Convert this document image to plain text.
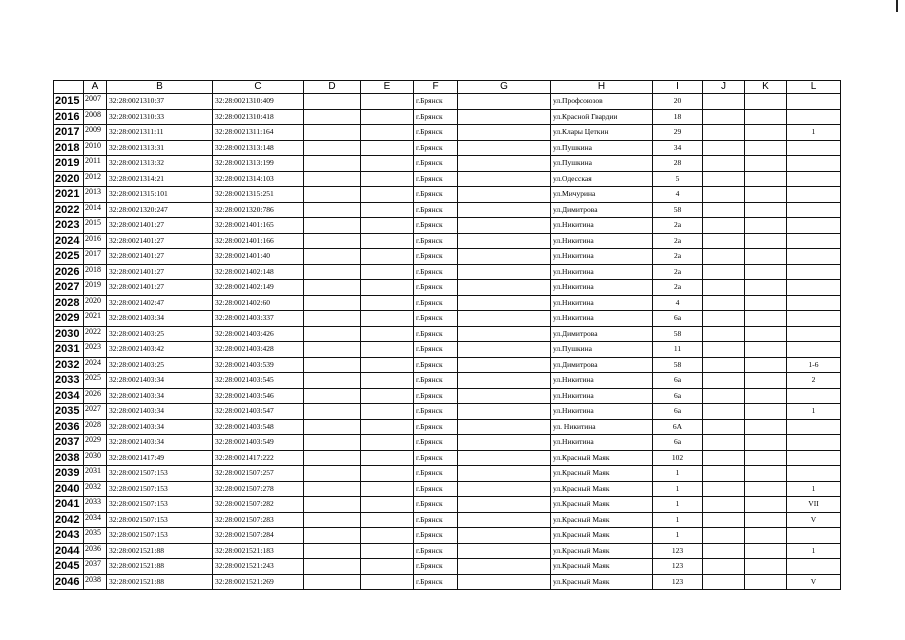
	A	B	C	D	E	F	G	H	I	J	K	L
2015	2007	32:28:0021310:37	32:28:0021310:409			г.Брянск		ул.Профсоюзов	20			
2016	2008	32:28:0021310:33	32:28:0021310:418			г.Брянск		ул.Красной Гвардии	18			
2017	2009	32:28:0021311:11	32:28:0021311:164			г.Брянск		ул.Клары Цеткин	29			1
2018	2010	32:28:0021313:31	32:28:0021313:148			г.Брянск		ул.Пушкина	34			
2019	2011	32:28:0021313:32	32:28:0021313:199			г.Брянск		ул.Пушкина	28			
2020	2012	32:28:0021314:21	32:28:0021314:103			г.Брянск		ул.Одесская	5			
2021	2013	32:28:0021315:101	32:28:0021315:251			г.Брянск		ул.Мичурина	4			
2022	2014	32:28:0021320:247	32:28:0021320:786			г.Брянск		ул.Димитрова	58			
2023	2015	32:28:0021401:27	32:28:0021401:165			г.Брянск		ул.Никитина	2а			
2024	2016	32:28:0021401:27	32:28:0021401:166			г.Брянск		ул.Никитина	2а			
2025	2017	32:28:0021401:27	32:28:0021401:40			г.Брянск		ул.Никитина	2а			
2026	2018	32:28:0021401:27	32:28:0021402:148			г.Брянск		ул.Никитина	2а			
2027	2019	32:28:0021401:27	32:28:0021402:149			г.Брянск		ул.Никитина	2а			
2028	2020	32:28:0021402:47	32:28:0021402:60			г.Брянск		ул.Никитина	4			
2029	2021	32:28:0021403:34	32:28:0021403:337			г.Брянск		ул.Никитина	6а			
2030	2022	32:28:0021403:25	32:28:0021403:426			г.Брянск		ул.Димитрова	58			
2031	2023	32:28:0021403:42	32:28:0021403:428			г.Брянск		ул.Пушкина	11			
2032	2024	32:28:0021403:25	32:28:0021403:539			г.Брянск		ул.Димитрова	58			1-6
2033	2025	32:28:0021403:34	32:28:0021403:545			г.Брянск		ул.Никитина	6а			2
2034	2026	32:28:0021403:34	32:28:0021403:546			г.Брянск		ул.Никитина	6а			
2035	2027	32:28:0021403:34	32:28:0021403:547			г.Брянск		ул.Никитина	6а			1
2036	2028	32:28:0021403:34	32:28:0021403:548			г.Брянск		ул. Никитина	6А			
2037	2029	32:28:0021403:34	32:28:0021403:549			г.Брянск		ул.Никитина	6а			
2038	2030	32:28:0021417:49	32:28:0021417:222			г.Брянск		ул.Красный Маяк	102			
2039	2031	32:28:0021507:153	32:28:0021507:257			г.Брянск		ул.Красный Маяк	1			
2040	2032	32:28:0021507:153	32:28:0021507:278			г.Брянск		ул.Красный Маяк	1			1
2041	2033	32:28:0021507:153	32:28:0021507:282			г.Брянск		ул.Красный Маяк	1			VII
2042	2034	32:28:0021507:153	32:28:0021507:283			г.Брянск		ул.Красный Маяк	1			V
2043	2035	32:28:0021507:153	32:28:0021507:284			г.Брянск		ул.Красный Маяк	1			
2044	2036	32:28:0021521:88	32:28:0021521:183			г.Брянск		ул.Красный Маяк	123			1
2045	2037	32:28:0021521:88	32:28:0021521:243			г.Брянск		ул.Красный Маяк	123			
2046	2038	32:28:0021521:88	32:28:0021521:269			г.Брянск		ул.Красный Маяк	123			V
